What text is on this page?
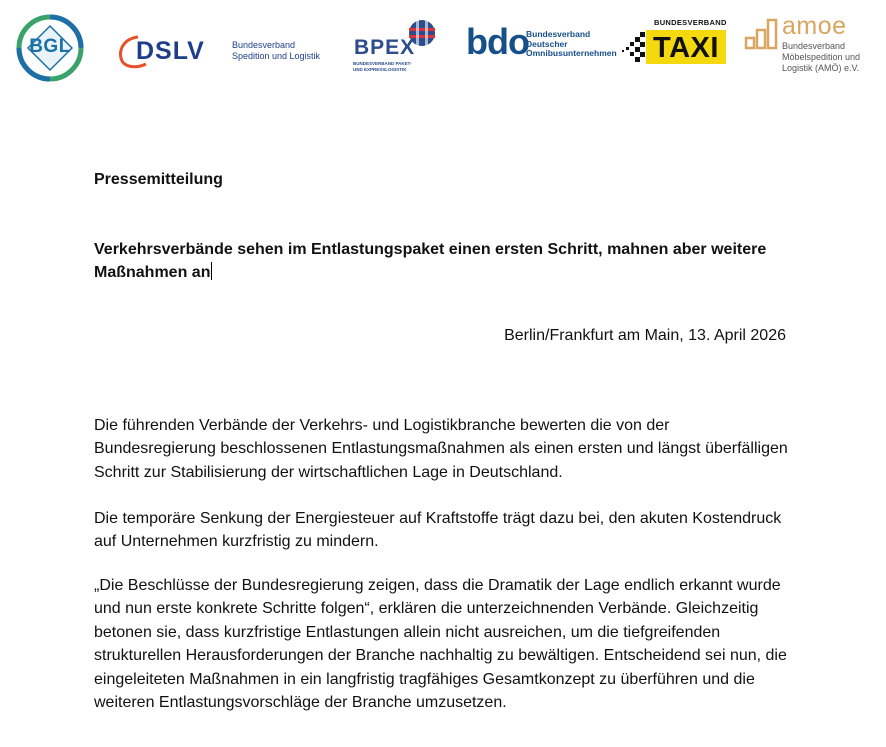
BGL	DSLV	Bundesverband
Spedition und Logistik BPEX
BUNDESVERBAND PAKET-
UND EXPRESSLOGISTIK
bdo
Bundesverband
Deutscher
Omnibusunternehmen
BUNDESVERBAND
TAXI
amoe
Bundesverband
Möbelspedition und
Logistik (AMÖ) e.V.
Pressemitteilung
Verkehrsverbände sehen im Entlastungspaket einen ersten Schritt, mahnen aber weitere Maßnahmen an
Berlin/Frankfurt am Main, 13. April 2026
Die führenden Verbände der Verkehrs- und Logistikbranche bewerten die von der Bundesregierung beschlossenen Entlastungsmaßnahmen als einen ersten und längst überfälligen Schritt zur Stabilisierung der wirtschaftlichen Lage in Deutschland.
Die temporäre Senkung der Energiesteuer auf Kraftstoffe trägt dazu bei, den akuten Kostendruck auf Unternehmen kurzfristig zu mindern.
„Die Beschlüsse der Bundesregierung zeigen, dass die Dramatik der Lage endlich erkannt wurde und nun erste konkrete Schritte folgen“, erklären die unterzeichnenden Verbände. Gleichzeitig betonen sie, dass kurzfristige Entlastungen allein nicht ausreichen, um die tiefgreifenden strukturellen Herausforderungen der Branche nachhaltig zu bewältigen. Entscheidend sei nun, die eingeleiteten Maßnahmen in ein langfristig tragfähiges Gesamtkonzept zu überführen und die weiteren Entlastungsvorschläge der Branche umzusetzen.
